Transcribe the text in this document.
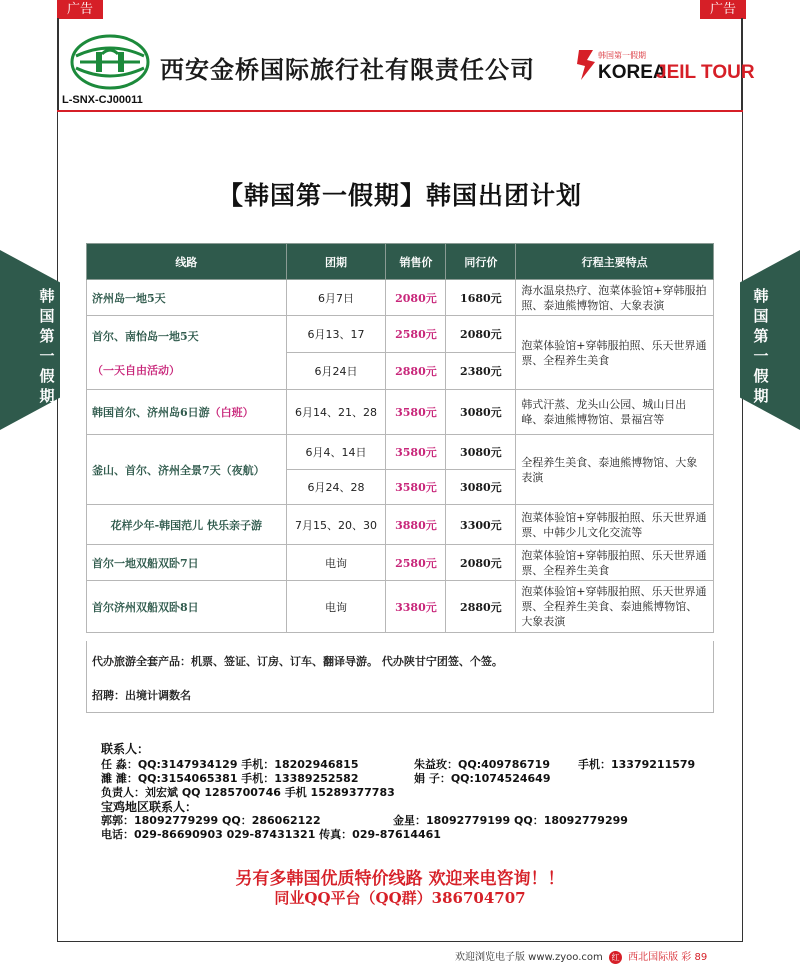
广告	广告
西安金桥国际旅行社有限责任公司
韩国第一假期
KOREA
JEIL TOUR
L-SNX-CJ00011
韩
国
第
一
假
期
韩
国
第
一
假
期
【韩国第一假期】韩国出团计划
线路	团期	销售价	同行价	行程主要特点
济州岛一地5天	6月7日	2080元	1680元	海水温泉热疗、泡菜体验馆+穿韩服拍照、泰迪熊博物馆、大象表演

首尔、南怡岛一地5天
（一天自由活动）	6月13、17	2580元	2080元	泡菜体验馆+穿韩服拍照、乐天世界通票、全程养生美食
	6月24日	2880元	2380元	
韩国首尔、济州岛6日游（白班）	6月14、21、28	3580元	3080元	韩式汗蒸、龙头山公园、城山日出峰、泰迪熊博物馆、景福宫等
釜山、首尔、济州全景7天（夜航）	6月4、14日	3580元	3080元	全程养生美食、泰迪熊博物馆、大象表演
	6月24、28	3580元	3080元	
花样少年-韩国范儿 快乐亲子游	7月15、20、30	3880元	3300元	泡菜体验馆+穿韩服拍照、乐天世界通票、中韩少儿文化交流等
首尔一地双船双卧7日	电询	2580元	2080元	泡菜体验馆+穿韩服拍照、乐天世界通票、全程养生美食
首尔济州双船双卧8日	电询	3380元	2880元	泡菜体验馆+穿韩服拍照、乐天世界通票、全程养生美食、泰迪熊博物馆、大象表演
代办旅游全套产品：机票、签证、订房、订车、翻译导游。 代办陕甘宁团签、个签。
招聘：出境计调数名
联系人：
任 淼：QQ:3147934129 手机：18202946815	朱益玫：QQ:409786719	手机：13379211579
濉 濉：QQ:3154065381 手机：13389252582	娟 子：QQ:1074524649
负责人：刘宏斌 QQ 1285700746 手机 15289377783
宝鸡地区联系人：
郭郭：18092779299 QQ：286062122	金星：18092779199 QQ：18092779299
电话：029-86690903 029-87431321 传真：029-87614461
另有多韩国优质特价线路 欢迎来电咨询！！
同业QQ平台（QQ群）386704707
欢迎浏览电子版 www.zyoo.com 红 西北国际版 彩 89
